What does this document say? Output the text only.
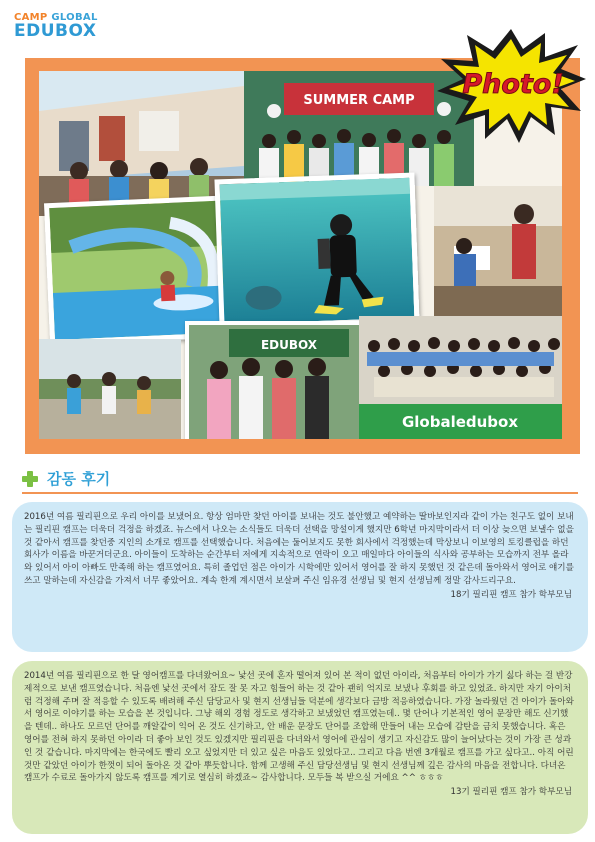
CAMP GLOBAL
EDUBOX
SUMMER CAMP
EDUBOX
Globaledubox
Photo!
감동 후기

2016년 여름 필리핀으로 우리 아이를 보냈어요. 항상 엄마만 찾던 아이를 보내는 것도 불안했고 예약하는 딸바보인지라 같이 가는 친구도 없이 보내는 필리핀 캠프는 더욱더 걱정을 하겠죠. 뉴스에서 나오는 소식들도 더욱더 선택을 망설이게 했지만 6학년 마지막이라서 더 이상 늦으면 보낼수 없을 것 같아서 캠프를 찾던중 지인의 소개로 캠프를 선택했습니다. 처음에는 둘어보지도 못한 회사에서 걱정했는데 막상보니 이보영의 토킹클럽을 하던 회사가 이름을 바꾼거더군요. 아이들이 도착하는 순간부터 저에게 지속적으로 연락이 오고 매일마다 아이들의 식사와 공부하는 모습까지 전부 올라와 있어서 아이 아빠도 만족해 하는 캠프였어요. 특히 졸업던 점은 아이가 시학에만 있어서 영어를 잘 하지 못했던 것 같은데 돌아와서 영어로 얘기를 쓰고 말하는데 자신감을 가져서 너무 좋았어요. 계속 한계 계시면서 보살펴 주신 임유경 선생님 및 현지 선생님께 정말 감사드리구요.

18기 필리핀 캠프 참가 학부모님

2014년 여름 필리핀으로 한 달 영어캠프를 다녀왔어요~ 낯선 곳에 혼자 떨어져 있어 본 적이 없던 아이라, 처음부터 아이가 가기 싫다 하는 걸 반강제적으로 보낸 캠프였습니다. 처음엔 낯선 곳에서 잠도 잘 못 자고 힘들어 하는 것 같아 괜히 억지로 보냈나 후회를 하고 있었죠. 하지만 자기 아이처럼 걱정해 주며 잘 적응할 수 있도록 배려해 주신 담당교사 및 현지 선생님들 덕분에 생각보다 금방 적응하였습니다. 가장 놀라웠던 건 아이가 돌아와서 영어로 이야기를 하는 모습을 본 것입니다. 그냥 해외 경험 정도로 생각하고 보냈었던 캠프였는데.. 몇 단어나 기본적인 영어 문장만 해도 신기했을 텐데.. 하나도 모르던 단어를 깨알같이 익어 온 것도 신기하고, 안 배운 문장도 단어를 조합해 만들어 내는 모습에 감탄을 금치 못했습니다. 혹은 영어를 전혀 하지 못하던 아이라 더 좋아 보인 것도 있겠지만 필리핀을 다녀와서 영어에 관심이 생기고 자신감도 많이 늘어났다는 것이 가장 큰 성과인 것 같습니다. 마지막에는 한국에도 빨리 오고 싶었지만 더 있고 싶은 마음도 있었다고.. 그리고 다음 번엔 3개월로 캠프를 가고 싶다고.. 아직 어린 것만 같았던 아이가 한껏이 되어 돌아온 것 같아 뿌듯합니다. 함께 고생해 주신 담당선생님 및 현지 선생님께 깊은 감사의 마음을 전합니다. 다녀온 캠프가 수료로 돌아가지 않도록 캠프를 계기로 열심히 하겠죠~ 감사합니다. 모두들 복 받으실 거에요 ^^ ㅎㅎㅎ

13기 필리핀 캠프 참가 학부모님
